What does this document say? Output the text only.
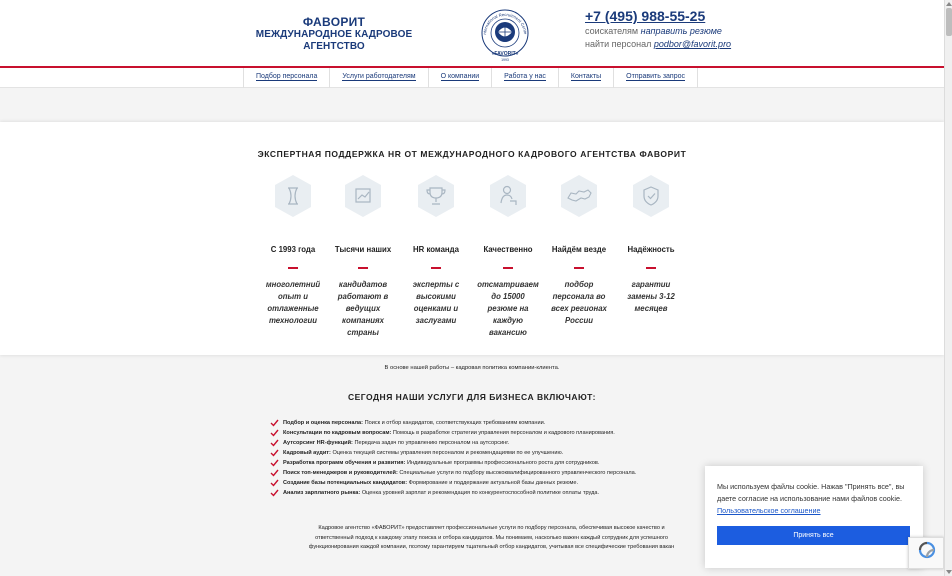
ФАВОРИТ
МЕЖДУНАРОДНОЕ КАДРОВОЕ АГЕНТСТВО
nternational Recruitment Cente
«FAVORIT»
1993
+7 (495) 988-55-25
соискателям направить резюме
найти персонал podbor@favorit.pro
Подбор персонала	Услуги работодателям	О компании	Работа у нас	Контакты	Отправить запрос
ЭКСПЕРТНАЯ ПОДДЕРЖКА HR ОТ МЕЖДУНАРОДНОГО КАДРОВОГО АГЕНТСТВА ФАВОРИТ
С 1993 года
многолетний
опыт и
отлаженные
технологии
Тысячи наших
кандидатов
работают в
ведущих
компаниях
страны
HR команда
эксперты с
высокими
оценками и
заслугами
Качественно
отсматриваем
до 15000
резюме на
каждую
вакансию
Найдём везде
подбор
персонала во
всех регионах
России
Надёжность
гарантии
замены 3-12
месяцев
В основе нашей работы – кадровая политика компании-клиента.
СЕГОДНЯ НАШИ УСЛУГИ ДЛЯ БИЗНЕСА ВКЛЮЧАЮТ:
Подбор и оценка персонала:
Поиск и отбор кандидатов, соответствующих требованиям компании.
Консультации по кадровым вопросам:
Помощь в разработке стратегии управления персоналом и кадрового планирования.
Аутсорсинг HR-функций:
Передача задач по управлению персоналом на аутсорсинг.
Кадровый аудит:
Оценка текущей системы управления персоналом и рекомендациями по ее улучшению.
Разработка программ обучения и развития:
Индивидуальные программы профессионального роста для сотрудников.
Поиск топ-менеджеров и руководителей:
Специальные услуги по подбору высококвалифицированного управленческого персонала.
Создание базы потенциальных кандидатов:
Формирование и поддержание актуальной базы данных резюме.
Анализ зарплатного рынка:
Оценка уровней зарплат и рекомендация по конкурентоспособной политике оплаты труда.
Кадровое агентство «ФАВОРИТ» предоставляет профессиональные услуги по подбору персонала, обеспечивая высокое качество и
ответственный подход к каждому этапу поиска и отбора кандидатов. Мы понимаем, насколько важен каждый сотрудник для успешного
функционирования каждой компании, поэтому гарантируем тщательный отбор кандидатов, учитывая все специфические требования вакан
Мы используем файлы cookie. Нажав "Принять все", вы даете согласие на использование нами файлов cookie. Пользовательское соглашение
Принять все
